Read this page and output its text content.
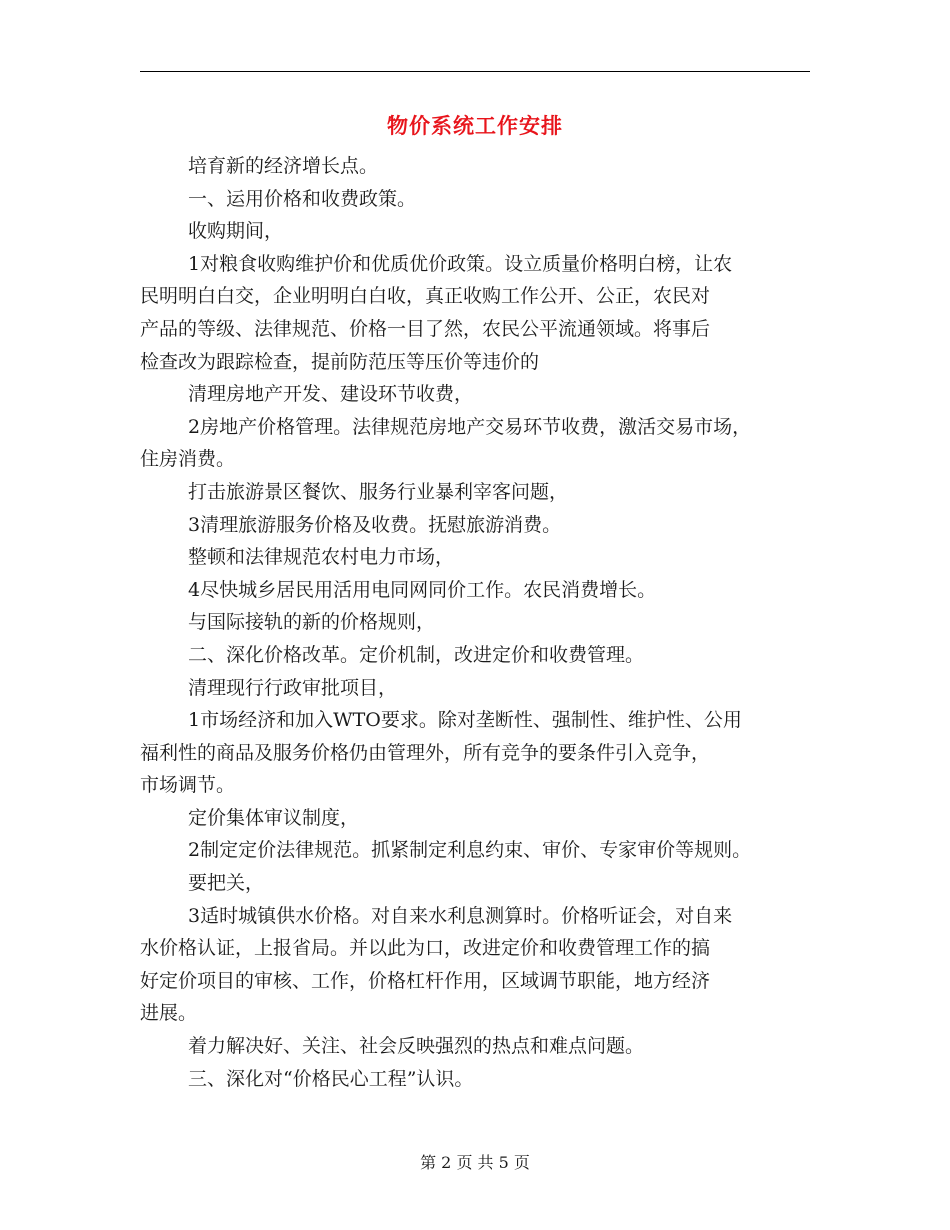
物价系统工作安排
培育新的经济增长点。
一、运用价格和收费政策。
收购期间，
1对粮食收购维护价和优质优价政策。设立质量价格明白榜，让农
民明明白白交，企业明明白白收，真正收购工作公开、公正，农民对
产品的等级、法律规范、价格一目了然，农民公平流通领域。将事后
检查改为跟踪检查，提前防范压等压价等违价的
清理房地产开发、建设环节收费，
2房地产价格管理。法律规范房地产交易环节收费，激活交易市场，
住房消费。
打击旅游景区餐饮、服务行业暴利宰客问题，
3清理旅游服务价格及收费。抚慰旅游消费。
整顿和法律规范农村电力市场，
4尽快城乡居民用活用电同网同价工作。农民消费增长。
与国际接轨的新的价格规则，
二、深化价格改革。定价机制，改进定价和收费管理。
清理现行行政审批项目，
1市场经济和加入WTO要求。除对垄断性、强制性、维护性、公用
福利性的商品及服务价格仍由管理外，所有竞争的要条件引入竞争，
市场调节。
定价集体审议制度，
2制定定价法律规范。抓紧制定利息约束、审价、专家审价等规则。
要把关，
3适时城镇供水价格。对自来水利息测算时。价格听证会，对自来
水价格认证，上报省局。并以此为口，改进定价和收费管理工作的搞
好定价项目的审核、工作，价格杠杆作用，区域调节职能，地方经济
进展。
着力解决好、关注、社会反映强烈的热点和难点问题。
三、深化对“价格民心工程”认识。
第 2 页 共 5 页
